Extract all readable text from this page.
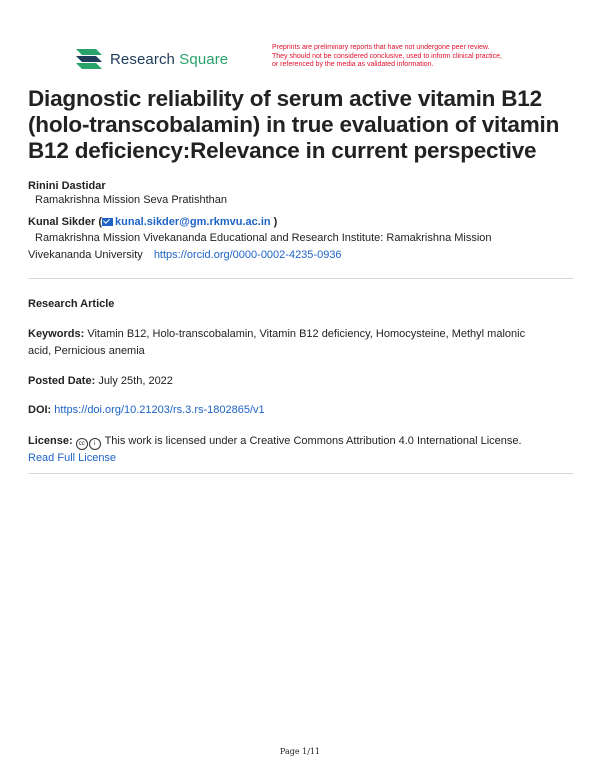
Research Square
Preprints are preliminary reports that have not undergone peer review.
They should not be considered conclusive, used to inform clinical practice,
or referenced by the media as validated information.
Diagnostic reliability of serum active vitamin B12
(holo-transcobalamin) in true evaluation of vitamin
B12 deficiency:Relevance in current perspective
Rinini Dastidar
Ramakrishna Mission Seva Pratishthan
Kunal Sikder ( kunal.sikder@gm.rkmvu.ac.in )
Ramakrishna Mission Vivekananda Educational and Research Institute: Ramakrishna Mission
Vivekananda University https://orcid.org/0000-0002-4235-0936
Research Article
Keywords: Vitamin B12, Holo-transcobalamin, Vitamin B12 deficiency, Homocysteine, Methyl malonic
acid, Pernicious anemia
Posted Date: July 25th, 2022
DOI: https://doi.org/10.21203/rs.3.rs-1802865/v1
License: cc i This work is licensed under a Creative Commons Attribution 4.0 International License.
Read Full License
Page 1/11
